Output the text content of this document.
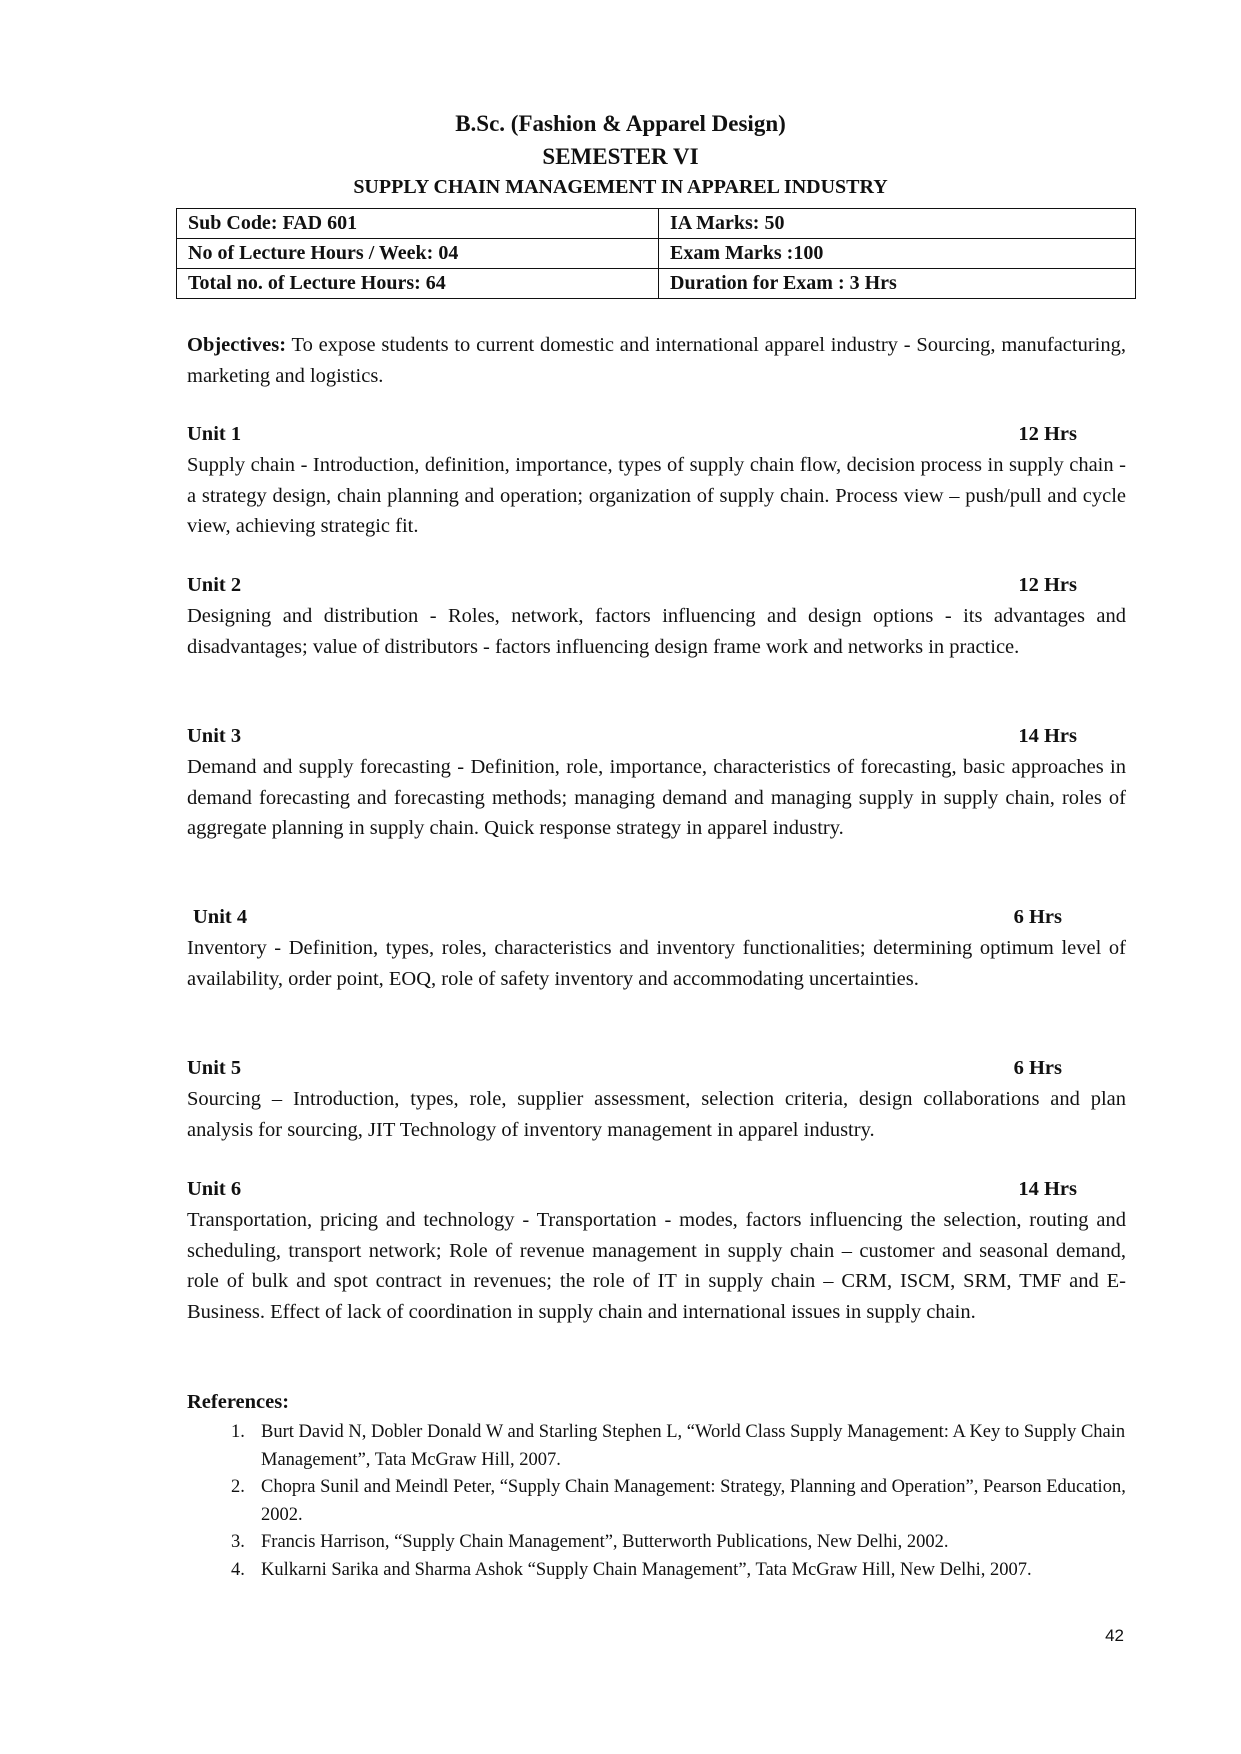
B.Sc. (Fashion & Apparel Design)
SEMESTER VI
SUPPLY CHAIN MANAGEMENT IN APPAREL INDUSTRY
Sub Code: FAD 601	IA Marks: 50
No of Lecture Hours / Week: 04	Exam Marks :100
Total no. of Lecture Hours: 64	Duration for Exam : 3 Hrs

Objectives: To expose students to current domestic and international apparel industry - Sourcing, manufacturing, marketing and logistics.

Unit 1	12 Hrs

Supply chain - Introduction, definition, importance, types of supply chain flow, decision process in supply chain - a strategy design, chain planning and operation; organization of supply chain. Process view – push/pull and cycle view, achieving strategic fit.

Unit 2	12 Hrs

Designing and distribution - Roles, network, factors influencing and design options - its advantages and disadvantages; value of distributors - factors influencing design frame work and networks in practice.

Unit 3	14 Hrs

Demand and supply forecasting - Definition, role, importance, characteristics of forecasting, basic approaches in demand forecasting and forecasting methods; managing demand and managing supply in supply chain, roles of aggregate planning in supply chain. Quick response strategy in apparel industry.

Unit 4	6 Hrs

Inventory - Definition, types, roles, characteristics and inventory functionalities; determining optimum level of availability, order point, EOQ, role of safety inventory and accommodating uncertainties.

Unit 5	6 Hrs

Sourcing – Introduction, types, role, supplier assessment, selection criteria, design collaborations and plan analysis for sourcing, JIT Technology of inventory management in apparel industry.

Unit 6	14 Hrs

Transportation, pricing and technology - Transportation - modes, factors influencing the selection, routing and scheduling, transport network; Role of revenue management in supply chain – customer and seasonal demand, role of bulk and spot contract in revenues; the role of IT in supply chain – CRM, ISCM, SRM, TMF and E-Business. Effect of lack of coordination in supply chain and international issues in supply chain.

References:
1. Burt David N, Dobler Donald W and Starling Stephen L, “World Class Supply Management: A Key to Supply Chain Management”, Tata McGraw Hill, 2007.
2. Chopra Sunil and Meindl Peter, “Supply Chain Management: Strategy, Planning and Operation”, Pearson Education, 2002.
3. Francis Harrison, “Supply Chain Management”, Butterworth Publications, New Delhi, 2002.
4. Kulkarni Sarika and Sharma Ashok “Supply Chain Management”, Tata McGraw Hill, New Delhi, 2007.
42
